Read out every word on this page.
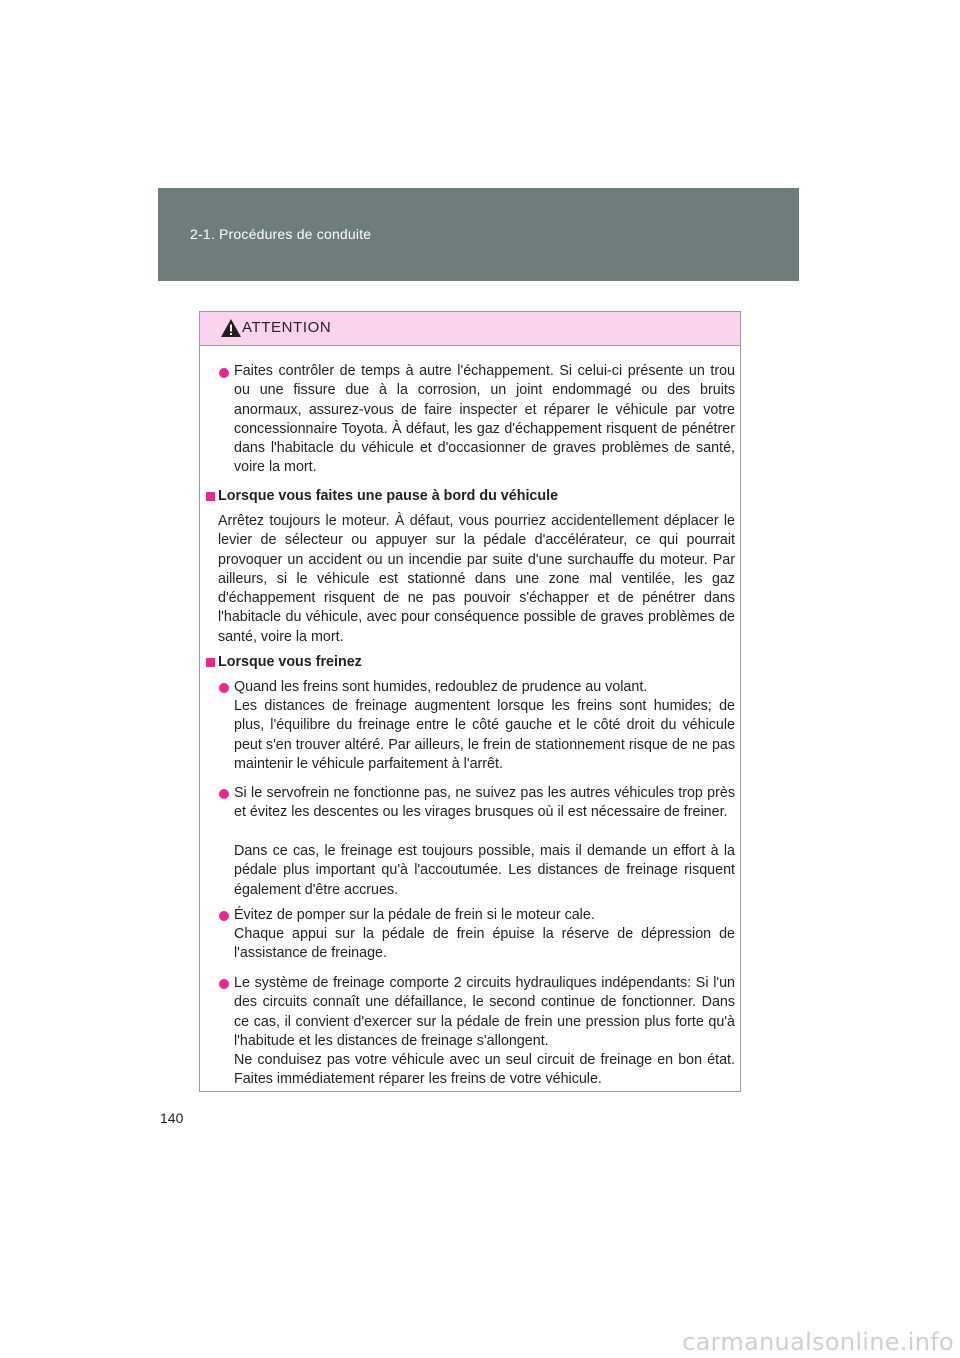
2-1. Procédures de conduite
ATTENTION
Faites contrôler de temps à autre l'échappement. Si celui-ci présente un trou ou une fissure due à la corrosion, un joint endommagé ou des bruits anormaux, assurez-vous de faire inspecter et réparer le véhicule par votre concessionnaire Toyota. À défaut, les gaz d'échappement risquent de pénétrer dans l'habitacle du véhicule et d'occasionner de graves problèmes de santé, voire la mort.
Lorsque vous faites une pause à bord du véhicule
Arrêtez toujours le moteur. À défaut, vous pourriez accidentellement déplacer le levier de sélecteur ou appuyer sur la pédale d'accélérateur, ce qui pourrait provoquer un accident ou un incendie par suite d'une surchauffe du moteur. Par ailleurs, si le véhicule est stationné dans une zone mal ventilée, les gaz d'échappement risquent de ne pas pouvoir s'échapper et de pénétrer dans l'habitacle du véhicule, avec pour conséquence possible de graves problèmes de santé, voire la mort.
Lorsque vous freinez
Quand les freins sont humides, redoublez de prudence au volant.
Les distances de freinage augmentent lorsque les freins sont humides; de plus, l'équilibre du freinage entre le côté gauche et le côté droit du véhicule peut s'en trouver altéré. Par ailleurs, le frein de stationnement risque de ne pas maintenir le véhicule parfaitement à l'arrêt.
Si le servofrein ne fonctionne pas, ne suivez pas les autres véhicules trop près et évitez les descentes ou les virages brusques où il est nécessaire de freiner.
Dans ce cas, le freinage est toujours possible, mais il demande un effort à la pédale plus important qu'à l'accoutumée. Les distances de freinage risquent également d'être accrues.
Évitez de pomper sur la pédale de frein si le moteur cale.
Chaque appui sur la pédale de frein épuise la réserve de dépression de l'assistance de freinage.
Le système de freinage comporte 2 circuits hydrauliques indépendants: Si l'un des circuits connaît une défaillance, le second continue de fonctionner. Dans ce cas, il convient d'exercer sur la pédale de frein une pression plus forte qu'à l'habitude et les distances de freinage s'allongent.
Ne conduisez pas votre véhicule avec un seul circuit de freinage en bon état. Faites immédiatement réparer les freins de votre véhicule.
140
carmanualsonline.info
